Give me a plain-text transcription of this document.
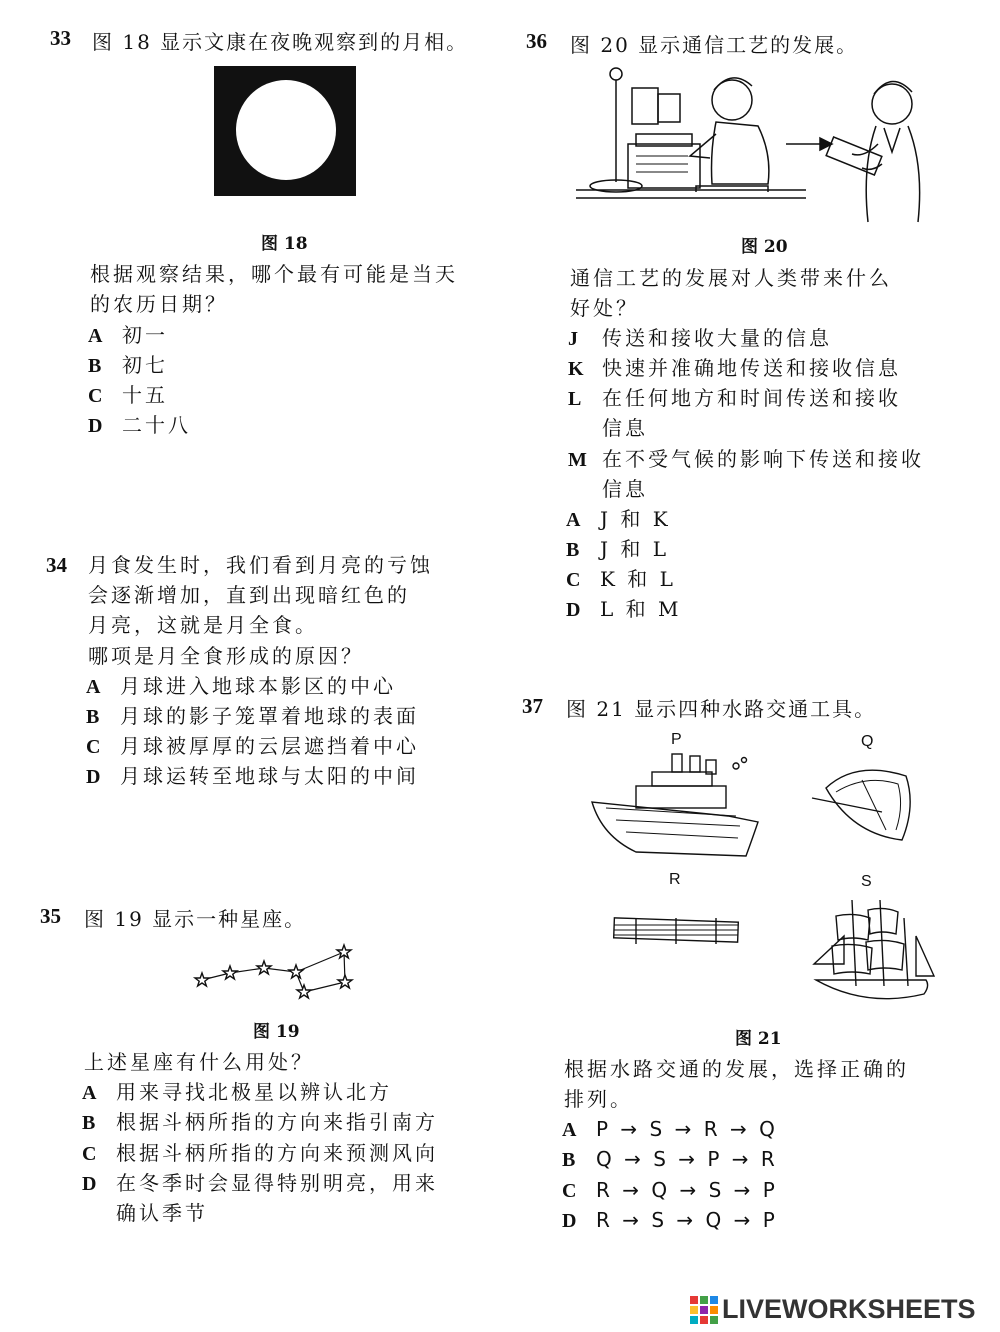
33 图 18 显示文康在夜晚观察到的月相。
图 18
根据观察结果，哪个最有可能是当天
的农历日期？
A 初一
B 初七
C 十五
D 二十八
34 月食发生时，我们看到月亮的亏蚀
会逐渐增加，直到出现暗红色的
月亮，这就是月全食。
哪项是月全食形成的原因？
A 月球进入地球本影区的中心
B 月球的影子笼罩着地球的表面
C 月球被厚厚的云层遮挡着中心
D 月球运转至地球与太阳的中间
35 图 19 显示一种星座。
图 19
上述星座有什么用处？
A 用来寻找北极星以辨认北方
B 根据斗柄所指的方向来指引南方
C 根据斗柄所指的方向来预测风向
D 在冬季时会显得特别明亮，用来
确认季节
36 图 20 显示通信工艺的发展。
图 20
通信工艺的发展对人类带来什么
好处？
J 传送和接收大量的信息
K 快速并准确地传送和接收信息
L 在任何地方和时间传送和接收
信息
M 在不受气候的影响下传送和接收
信息
A J 和 K
B J 和 L
C K 和 L
D L 和 M
37 图 21 显示四种水路交通工具。
P	Q
R	S
图 21
根据水路交通的发展，选择正确的
排列。
A P → S → R → Q
B Q → S → P → R
C R → Q → S → P
D R → S → Q → P
LIVEWORKSHEETS
